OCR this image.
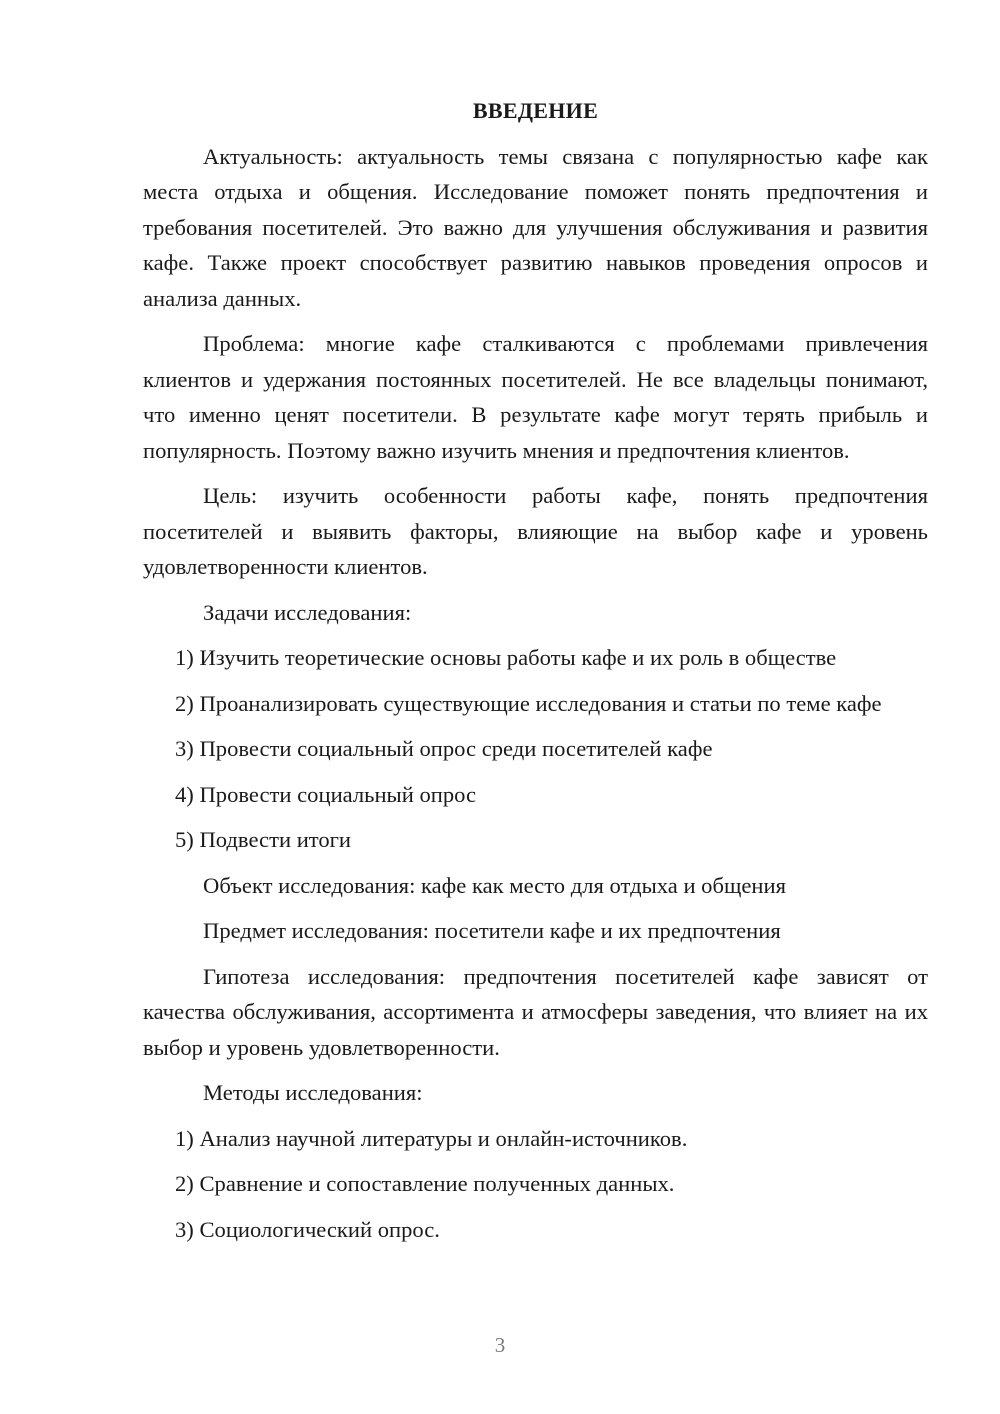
ВВЕДЕНИЕ

Актуальность: актуальность темы связана с популярностью кафе как места отдыха и общения. Исследование поможет понять предпочтения и требования посетителей. Это важно для улучшения обслуживания и развития кафе. Также проект способствует развитию навыков проведения опросов и анализа данных.

Проблема: многие кафе сталкиваются с проблемами привлечения клиентов и удержания постоянных посетителей. Не все владельцы понимают, что именно ценят посетители. В результате кафе могут терять прибыль и популярность. Поэтому важно изучить мнения и предпочтения клиентов.

Цель: изучить особенности работы кафе, понять предпочтения посетителей и выявить факторы, влияющие на выбор кафе и уровень удовлетворенности клиентов.

Задачи исследования:

1) Изучить теоретические основы работы кафе и их роль в обществе

2) Проанализировать существующие исследования и статьи по теме кафе

3) Провести социальный опрос среди посетителей кафе

4) Провести социальный опрос

5) Подвести итоги

Объект исследования: кафе как место для отдыха и общения

Предмет исследования: посетители кафе и их предпочтения

Гипотеза исследования: предпочтения посетителей кафе зависят от качества обслуживания, ассортимента и атмосферы заведения, что влияет на их выбор и уровень удовлетворенности.

Методы исследования:

1) Анализ научной литературы и онлайн-источников.

2) Сравнение и сопоставление полученных данных.

3) Социологический опрос.

3
